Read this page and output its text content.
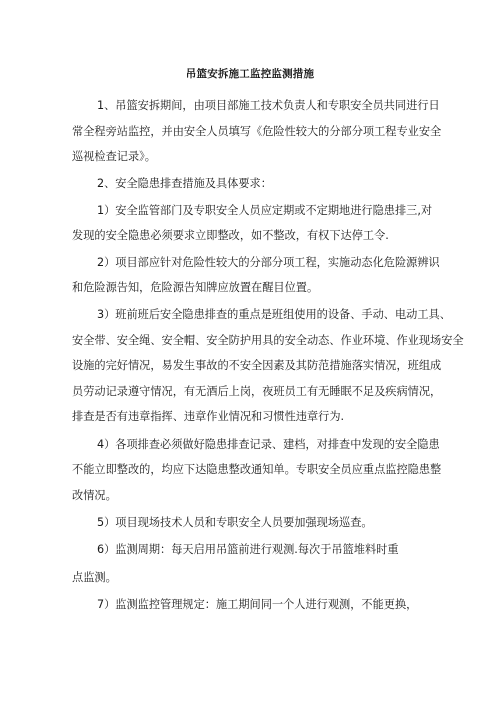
吊篮安拆施工监控监测措施
1、吊篮安拆期间，由项目部施工技术负责人和专职安全员共同进行日
常全程旁站监控，并由安全人员填写《危险性较大的分部分项工程专业安全
巡视检查记录》。
2、安全隐患排查措施及具体要求：
1）安全监管部门及专职安全人员应定期或不定期地进行隐患排三,对
发现的安全隐患必须要求立即整改，如不整改，有权下达停工令.
2）项目部应针对危险性较大的分部分项工程，实施动态化危险源辨识
和危险源告知，危险源告知牌应放置在醒目位置。
3）班前班后安全隐患排查的重点是班组使用的设备、手动、电动工具、
安全带、安全绳、安全帽、安全防护用具的安全动态、作业环境、作业现场安全
设施的完好情况，易发生事故的不安全因素及其防范措施落实情况，班组成
员劳动记录遵守情况，有无酒后上岗，夜班员工有无睡眠不足及疾病情况，
排查是否有违章指挥、违章作业情况和习惯性违章行为.
4）各项排查必须做好隐患排查记录、建档，对排查中发现的安全隐患
不能立即整改的，均应下达隐患整改通知单。专职安全员应重点监控隐患整
改情况。
5）项目现场技术人员和专职安全人员要加强现场巡查。
6）监测周期：每天启用吊篮前进行观测.每次于吊篮堆料时重
点监测。
7）监测监控管理规定：施工期间同一个人进行观测，不能更换，
